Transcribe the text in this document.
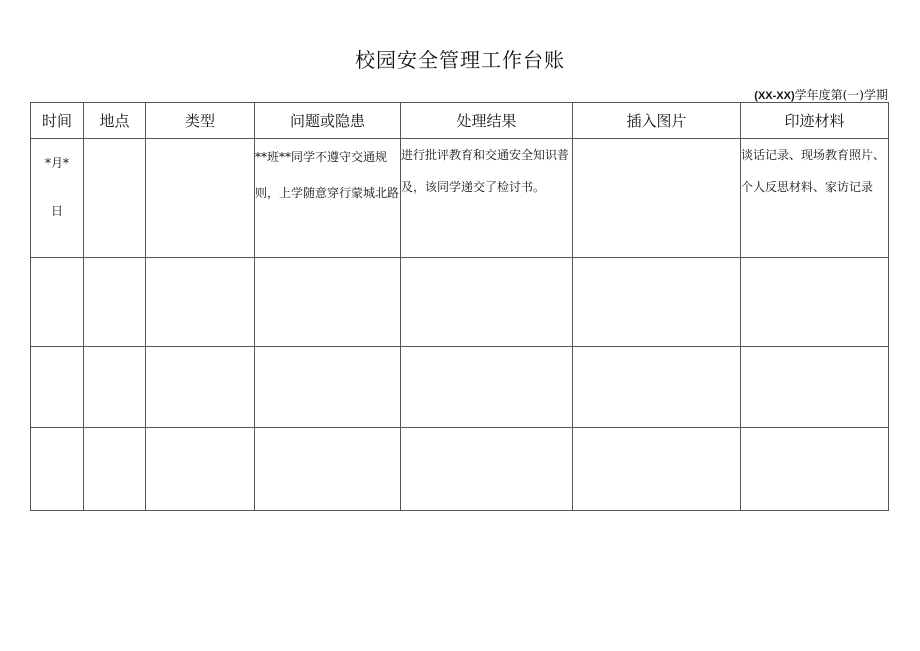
校园安全管理工作台账
(XX-XX)学年度第(一)学期
时间	地点	类型	问题或隐患	处理结果	插入图片	印迹材料

*月*
日			**班**同学不遵守交通规则，上学随意穿行蒙城北路	进行批评教育和交通安全知识普及，该同学递交了检讨书。		谈话记录、现场教育照片、个人反思材料、家访记录
